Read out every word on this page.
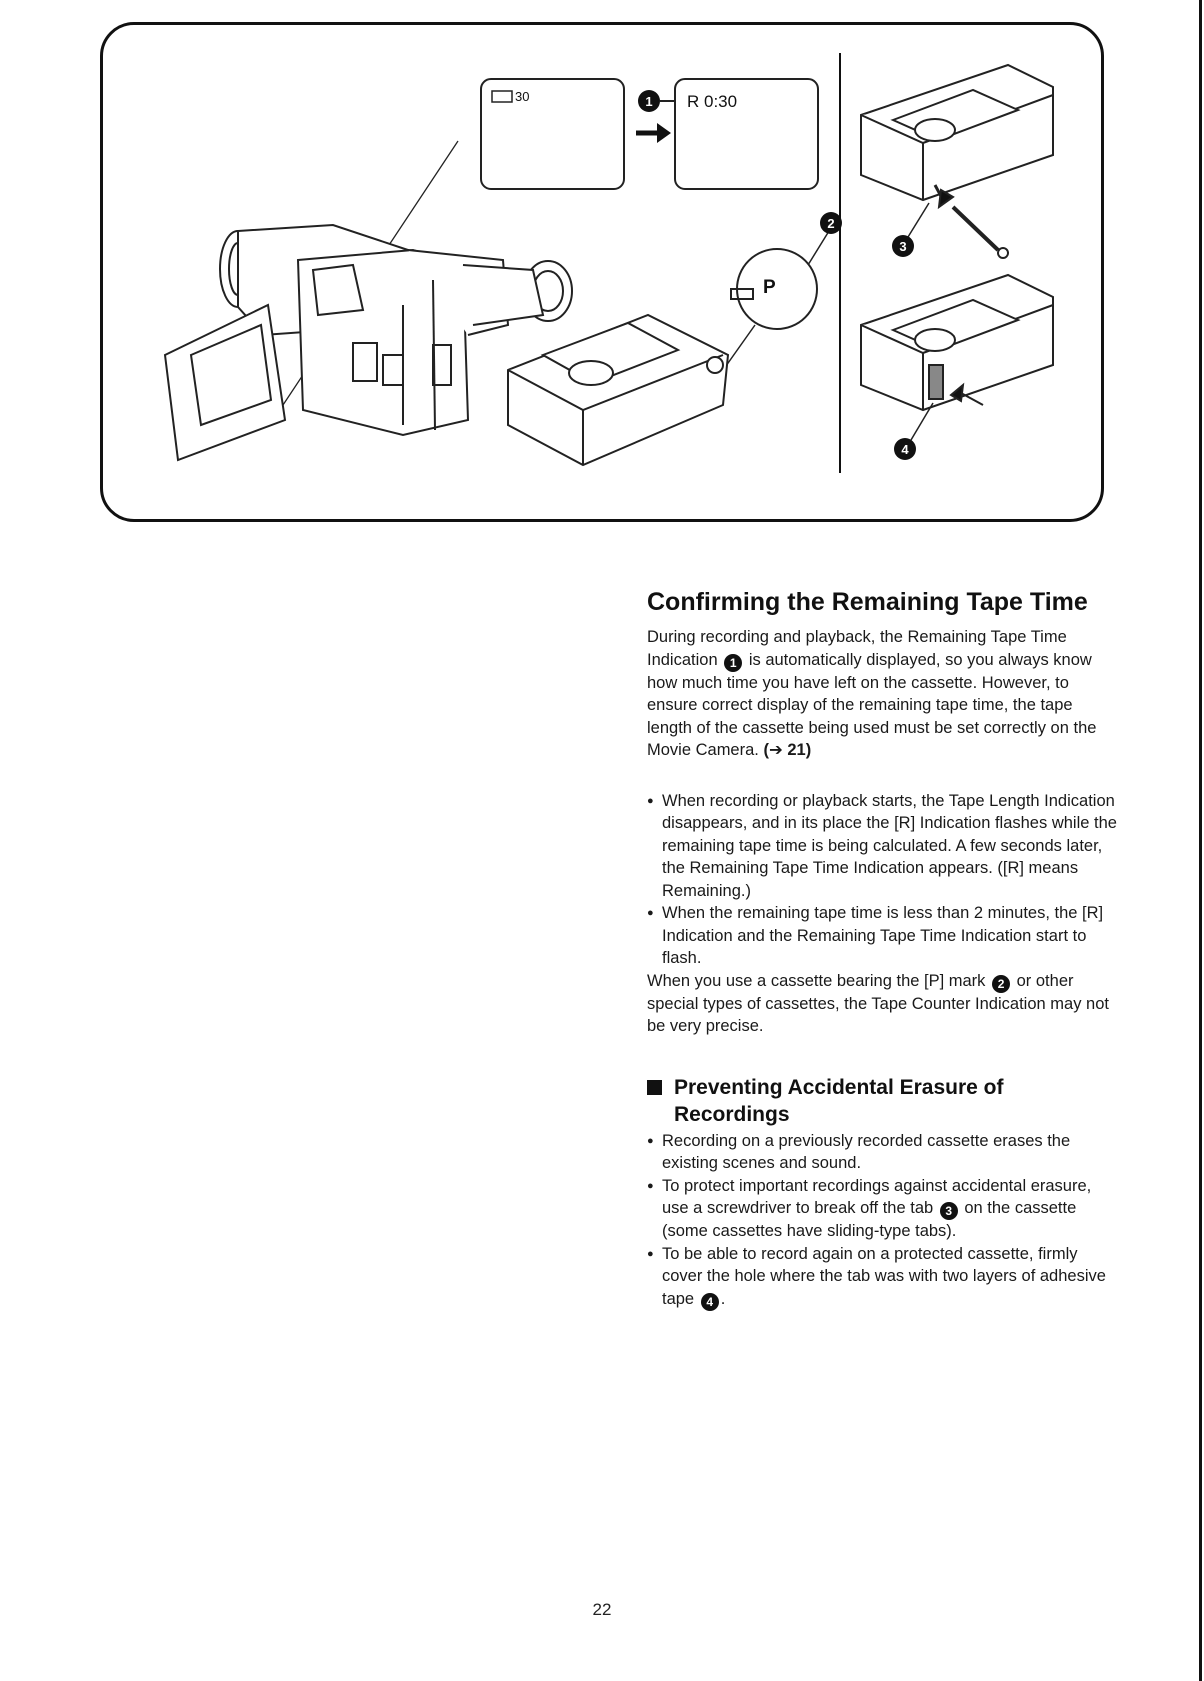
30	1 R 0:30
P
2
3
4
Confirming the Remaining Tape Time

During recording and playback, the Remaining Tape Time Indication 1 is automatically displayed, so you always know how much time you have left on the cassette. However, to ensure correct display of the remaining tape time, the tape length of the cassette being used must be set correctly on the Movie Camera. (➔ 21)

● When recording or playback starts, the Tape Length Indication disappears, and in its place the [R] Indication flashes while the remaining tape time is being calculated. A few seconds later, the Remaining Tape Time Indication appears. ([R] means Remaining.)
● When the remaining tape time is less than 2 minutes, the [R] Indication and the Remaining Tape Time Indication start to flash.

When you use a cassette bearing the [P] mark 2 or other special types of cassettes, the Tape Counter Indication may not be very precise.

Preventing Accidental Erasure of Recordings
● Recording on a previously recorded cassette erases the existing scenes and sound.
● To protect important recordings against accidental erasure, use a screwdriver to break off the tab 3 on the cassette (some cassettes have sliding-type tabs).
● To be able to record again on a protected cassette, firmly cover the hole where the tab was with two layers of adhesive tape 4 .
22
